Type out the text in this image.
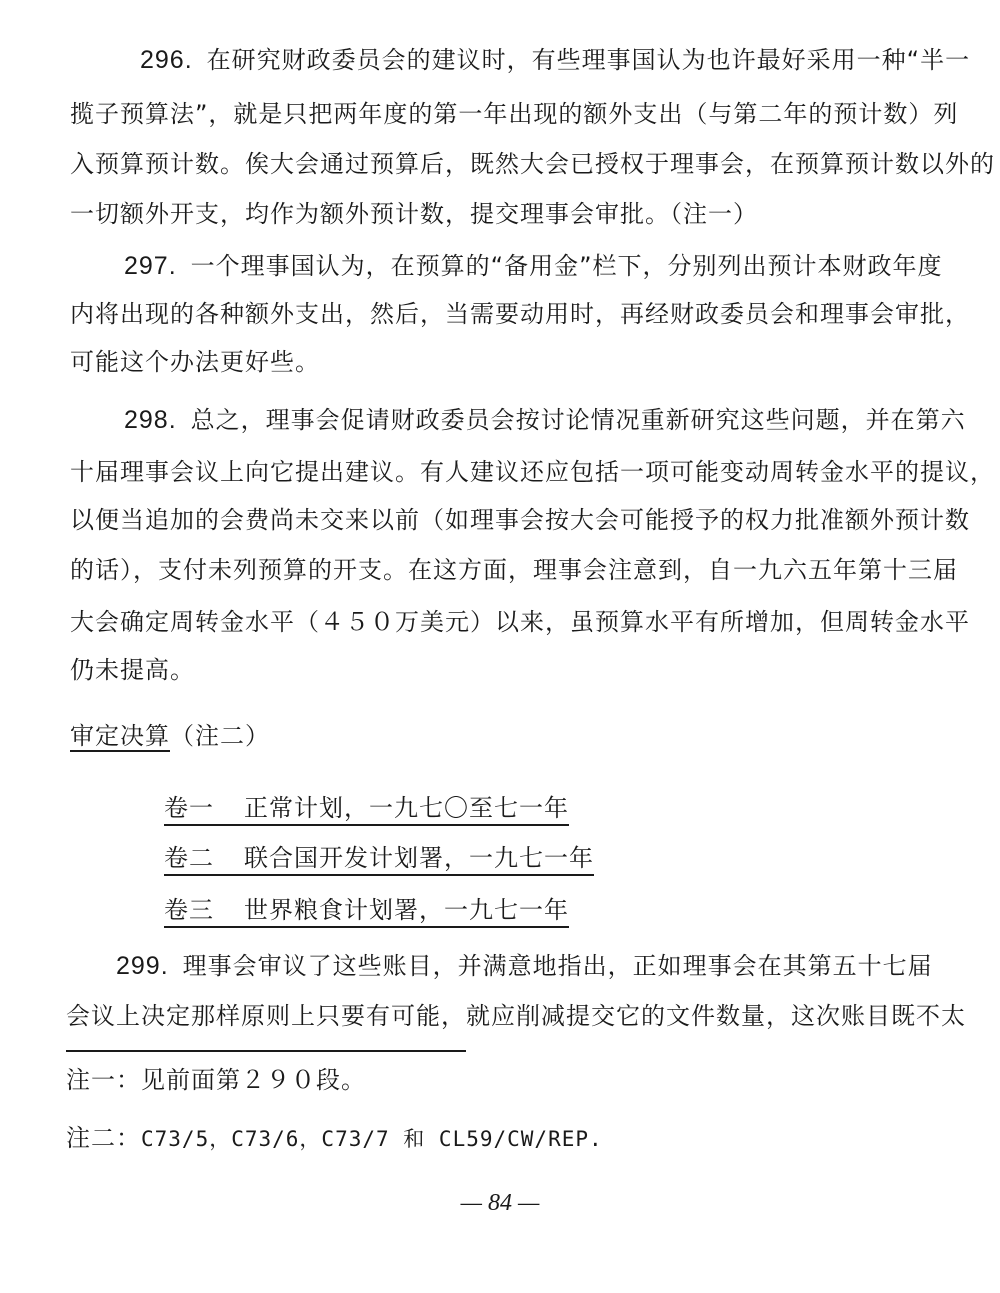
296. 在研究财政委员会的建议时，有些理事国认为也许最好采用一种“半一
揽子预算法”，就是只把两年度的第一年出现的额外支出（与第二年的预计数）列
入预算预计数。俟大会通过预算后，既然大会已授权于理事会，在预算预计数以外的
一切额外开支，均作为额外预计数，提交理事会审批。（注一）
297. 一个理事国认为，在预算的“备用金”栏下，分别列出预计本财政年度
内将出现的各种额外支出，然后，当需要动用时，再经财政委员会和理事会审批，
可能这个办法更好些。
298. 总之，理事会促请财政委员会按讨论情况重新研究这些问题，并在第六
十届理事会议上向它提出建议。有人建议还应包括一项可能变动周转金水平的提议，
以便当追加的会费尚未交来以前（如理事会按大会可能授予的权力批准额外预计数
的话），支付未列预算的开支。在这方面，理事会注意到，自一九六五年第十三届
大会确定周转金水平（４５０万美元）以来，虽预算水平有所增加，但周转金水平
仍未提高。
审定决算（注二）
卷一 正常计划，一九七〇至七一年
卷二 联合国开发计划署，一九七一年
卷三 世界粮食计划署，一九七一年
299. 理事会审议了这些账目，并满意地指出，正如理事会在其第五十七届
会议上决定那样原则上只要有可能，就应削减提交它的文件数量，这次账目既不太
注一：见前面第２９０段。
注二：C73/5，C73/6，C73/7 和 CL59/CW/REP.
— 84 —
